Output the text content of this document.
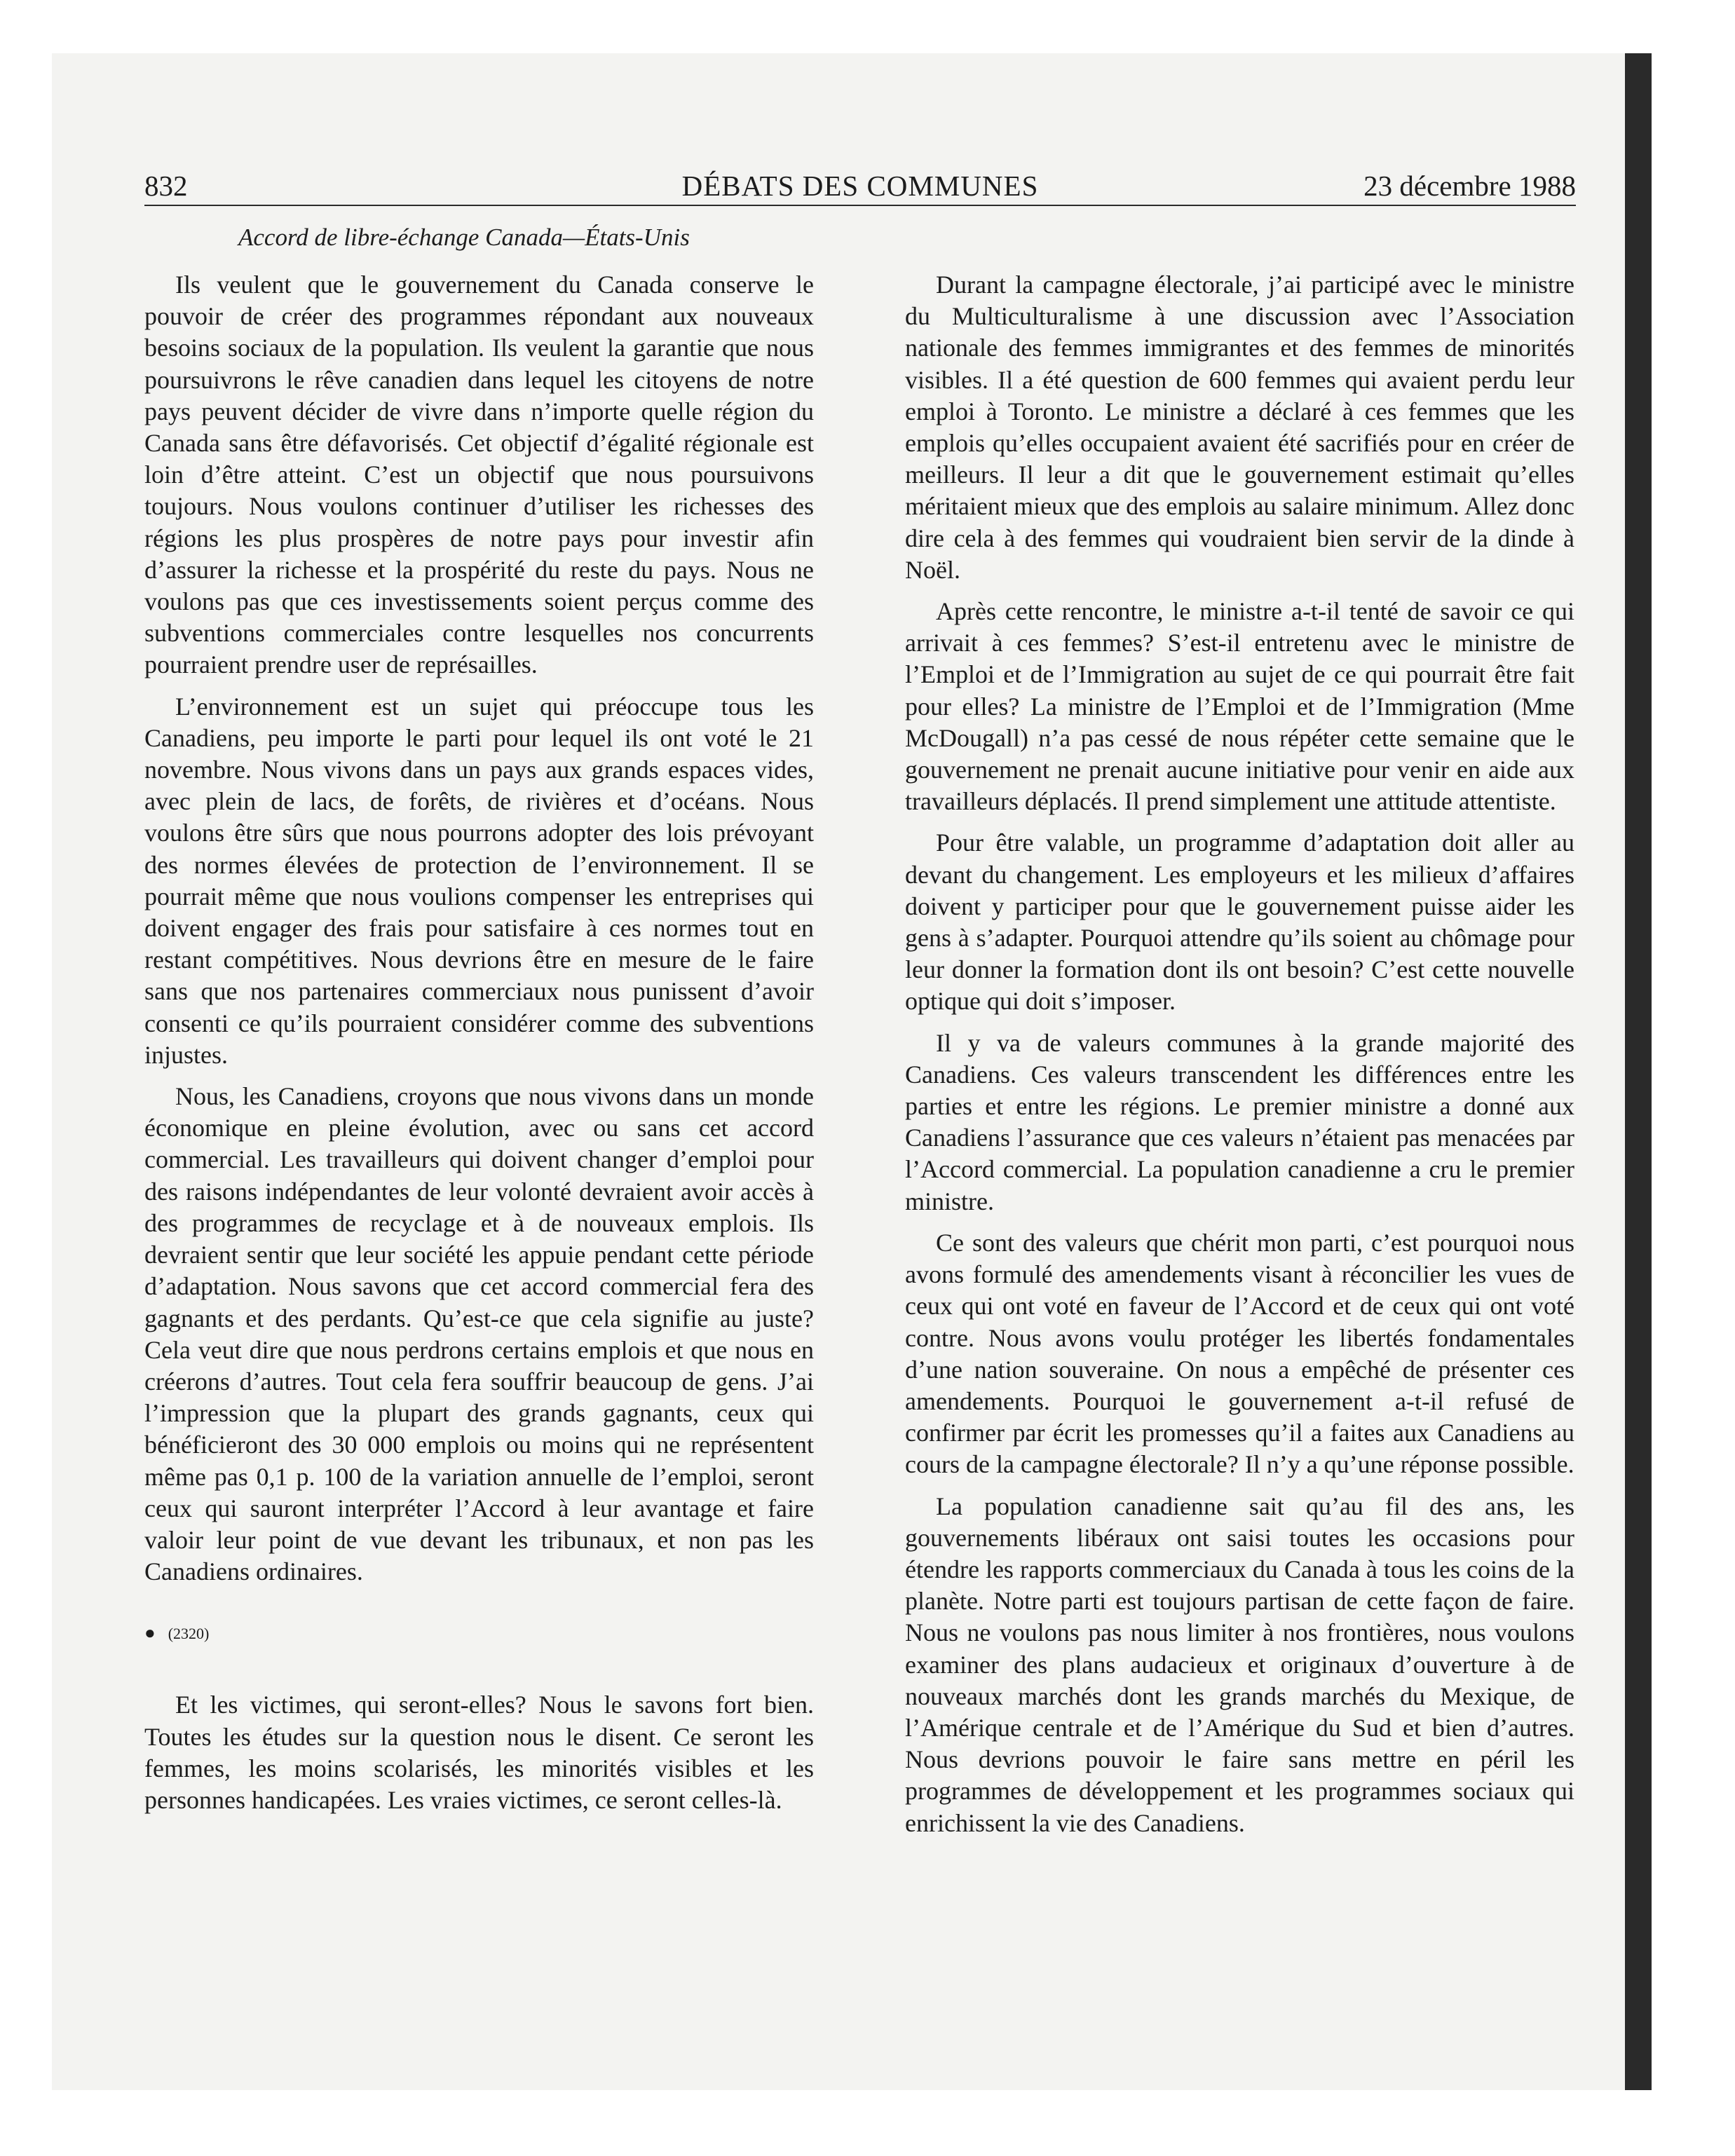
832	DÉBATS DES COMMUNES	23 décembre 1988
Accord de libre-échange Canada—États-Unis

Ils veulent que le gouvernement du Canada conserve le pouvoir de créer des programmes répondant aux nouveaux besoins sociaux de la population. Ils veulent la garantie que nous poursuivrons le rêve canadien dans lequel les citoyens de notre pays peuvent décider de vivre dans n’importe quelle région du Canada sans être défavorisés. Cet objectif d’égalité régionale est loin d’être atteint. C’est un objectif que nous poursuivons toujours. Nous voulons continuer d’utiliser les richesses des régions les plus prospères de notre pays pour investir afin d’assurer la richesse et la prospérité du reste du pays. Nous ne voulons pas que ces investissements soient perçus comme des subventions commerciales contre lesquelles nos concurrents pourraient prendre user de représailles.

L’environnement est un sujet qui préoccupe tous les Canadiens, peu importe le parti pour lequel ils ont voté le 21 novembre. Nous vivons dans un pays aux grands espaces vides, avec plein de lacs, de forêts, de rivières et d’océans. Nous voulons être sûrs que nous pourrons adopter des lois prévoyant des normes élevées de protection de l’environnement. Il se pourrait même que nous voulions compenser les entreprises qui doivent engager des frais pour satisfaire à ces normes tout en restant compétitives. Nous devrions être en mesure de le faire sans que nos partenaires commerciaux nous punissent d’avoir consenti ce qu’ils pourraient considérer comme des subventions injustes.

Nous, les Canadiens, croyons que nous vivons dans un monde économique en pleine évolution, avec ou sans cet accord commercial. Les travailleurs qui doivent changer d’emploi pour des raisons indépendantes de leur volonté devraient avoir accès à des programmes de recyclage et à de nouveaux emplois. Ils devraient sentir que leur société les appuie pendant cette période d’adaptation. Nous savons que cet accord commercial fera des gagnants et des perdants. Qu’est-ce que cela signifie au juste? Cela veut dire que nous perdrons certains emplois et que nous en créerons d’autres. Tout cela fera souffrir beaucoup de gens. J’ai l’impression que la plupart des grands gagnants, ceux qui bénéficieront des 30 000 emplois ou moins qui ne représentent même pas 0,1 p. 100 de la variation annuelle de l’emploi, seront ceux qui sauront interpréter l’Accord à leur avantage et faire valoir leur point de vue devant les tribunaux, et non pas les Canadiens ordinaires.

● (2320)

Et les victimes, qui seront-elles? Nous le savons fort bien. Toutes les études sur la question nous le disent. Ce seront les femmes, les moins scolarisés, les minorités visibles et les personnes handicapées. Les vraies victimes, ce seront celles-là.

Durant la campagne électorale, j’ai participé avec le ministre du Multiculturalisme à une discussion avec l’Association nationale des femmes immigrantes et des femmes de minorités visibles. Il a été question de 600 femmes qui avaient perdu leur emploi à Toronto. Le ministre a déclaré à ces femmes que les emplois qu’elles occupaient avaient été sacrifiés pour en créer de meilleurs. Il leur a dit que le gouvernement estimait qu’elles méritaient mieux que des emplois au salaire minimum. Allez donc dire cela à des femmes qui voudraient bien servir de la dinde à Noël.

Après cette rencontre, le ministre a-t-il tenté de savoir ce qui arrivait à ces femmes? S’est-il entretenu avec le ministre de l’Emploi et de l’Immigration au sujet de ce qui pourrait être fait pour elles? La ministre de l’Emploi et de l’Immigration (Mme McDougall) n’a pas cessé de nous répéter cette semaine que le gouvernement ne prenait aucune initiative pour venir en aide aux travailleurs déplacés. Il prend simplement une attitude attentiste.

Pour être valable, un programme d’adaptation doit aller au devant du changement. Les employeurs et les milieux d’affaires doivent y participer pour que le gouvernement puisse aider les gens à s’adapter. Pourquoi attendre qu’ils soient au chômage pour leur donner la formation dont ils ont besoin? C’est cette nouvelle optique qui doit s’imposer.

Il y va de valeurs communes à la grande majorité des Canadiens. Ces valeurs transcendent les différences entre les parties et entre les régions. Le premier ministre a donné aux Canadiens l’assurance que ces valeurs n’étaient pas menacées par l’Accord commercial. La population canadienne a cru le premier ministre.

Ce sont des valeurs que chérit mon parti, c’est pourquoi nous avons formulé des amendements visant à réconcilier les vues de ceux qui ont voté en faveur de l’Accord et de ceux qui ont voté contre. Nous avons voulu protéger les libertés fondamentales d’une nation souveraine. On nous a empêché de présenter ces amendements. Pourquoi le gouvernement a-t-il refusé de confirmer par écrit les promesses qu’il a faites aux Canadiens au cours de la campagne électorale? Il n’y a qu’une réponse possible.

La population canadienne sait qu’au fil des ans, les gouvernements libéraux ont saisi toutes les occasions pour étendre les rapports commerciaux du Canada à tous les coins de la planète. Notre parti est toujours partisan de cette façon de faire. Nous ne voulons pas nous limiter à nos frontières, nous voulons examiner des plans audacieux et originaux d’ouverture à de nouveaux marchés dont les grands marchés du Mexique, de l’Amérique centrale et de l’Amérique du Sud et bien d’autres. Nous devrions pouvoir le faire sans mettre en péril les programmes de développement et les programmes sociaux qui enrichissent la vie des Canadiens.
